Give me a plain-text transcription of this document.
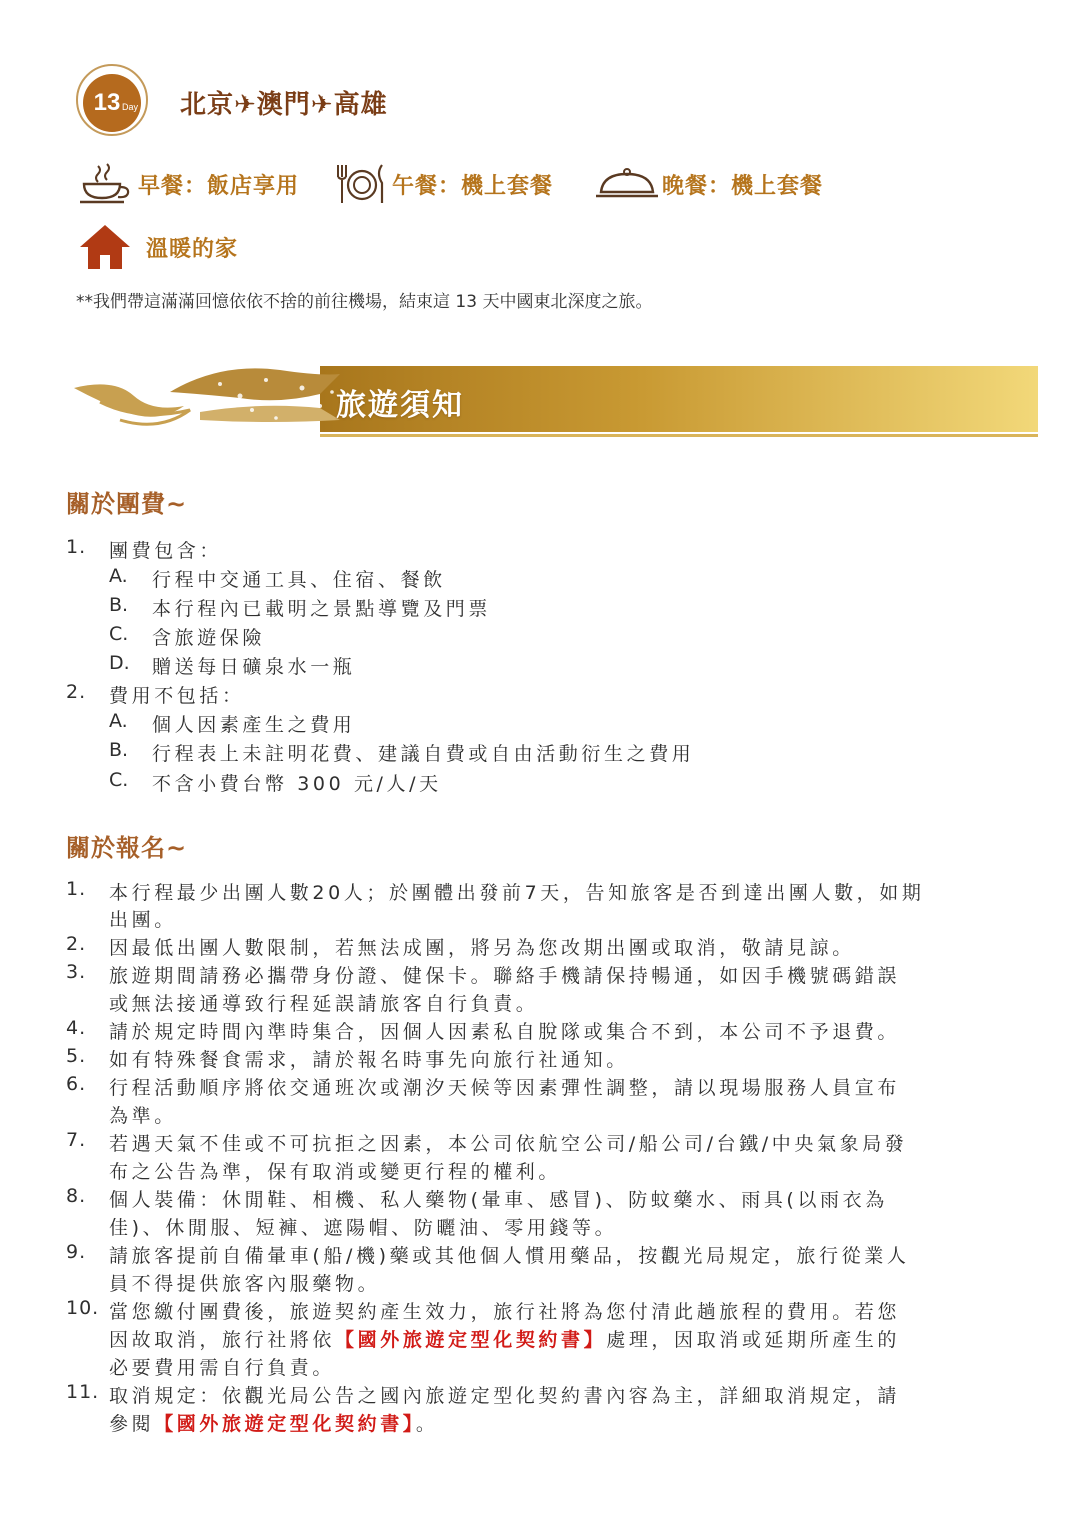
13 Day 北京✈澳門✈高雄
早餐：飯店享用	午餐：機上套餐	晚餐：機上套餐
溫暖的家
**我們帶這滿滿回憶依依不捨的前往機場，結束這 13 天中國東北深度之旅。
旅遊須知
關於團費~
1. 團費包含：
A. 行程中交通工具、住宿、餐飲
B. 本行程內已載明之景點導覽及門票
C. 含旅遊保險
D. 贈送每日礦泉水一瓶
2. 費用不包括：
A. 個人因素產生之費用
B. 行程表上未註明花費、建議自費或自由活動衍生之費用
C. 不含小費台幣 300 元/人/天
關於報名~
1. 本行程最少出團人數20人；於團體出發前7天，告知旅客是否到達出團人數，如期
出團。
2. 因最低出團人數限制，若無法成團，將另為您改期出團或取消，敬請見諒。
3. 旅遊期間請務必攜帶身份證、健保卡。聯絡手機請保持暢通，如因手機號碼錯誤
或無法接通導致行程延誤請旅客自行負責。
4. 請於規定時間內準時集合，因個人因素私自脫隊或集合不到，本公司不予退費。
5. 如有特殊餐食需求，請於報名時事先向旅行社通知。
6. 行程活動順序將依交通班次或潮汐天候等因素彈性調整，請以現場服務人員宣布
為準。
7. 若遇天氣不佳或不可抗拒之因素，本公司依航空公司/船公司/台鐵/中央氣象局發
布之公告為準，保有取消或變更行程的權利。
8. 個人裝備：休閒鞋、相機、私人藥物(暈車、感冒)、防蚊藥水、雨具(以雨衣為
佳)、休閒服、短褲、遮陽帽、防曬油、零用錢等。
9. 請旅客提前自備暈車(船/機)藥或其他個人慣用藥品，按觀光局規定，旅行從業人
員不得提供旅客內服藥物。
10. 當您繳付團費後，旅遊契約產生效力，旅行社將為您付清此趟旅程的費用。若您
因故取消，旅行社將依【國外旅遊定型化契約書】處理，因取消或延期所產生的
必要費用需自行負責。
11. 取消規定：依觀光局公告之國內旅遊定型化契約書內容為主，詳細取消規定，請
參閱【國外旅遊定型化契約書】。
